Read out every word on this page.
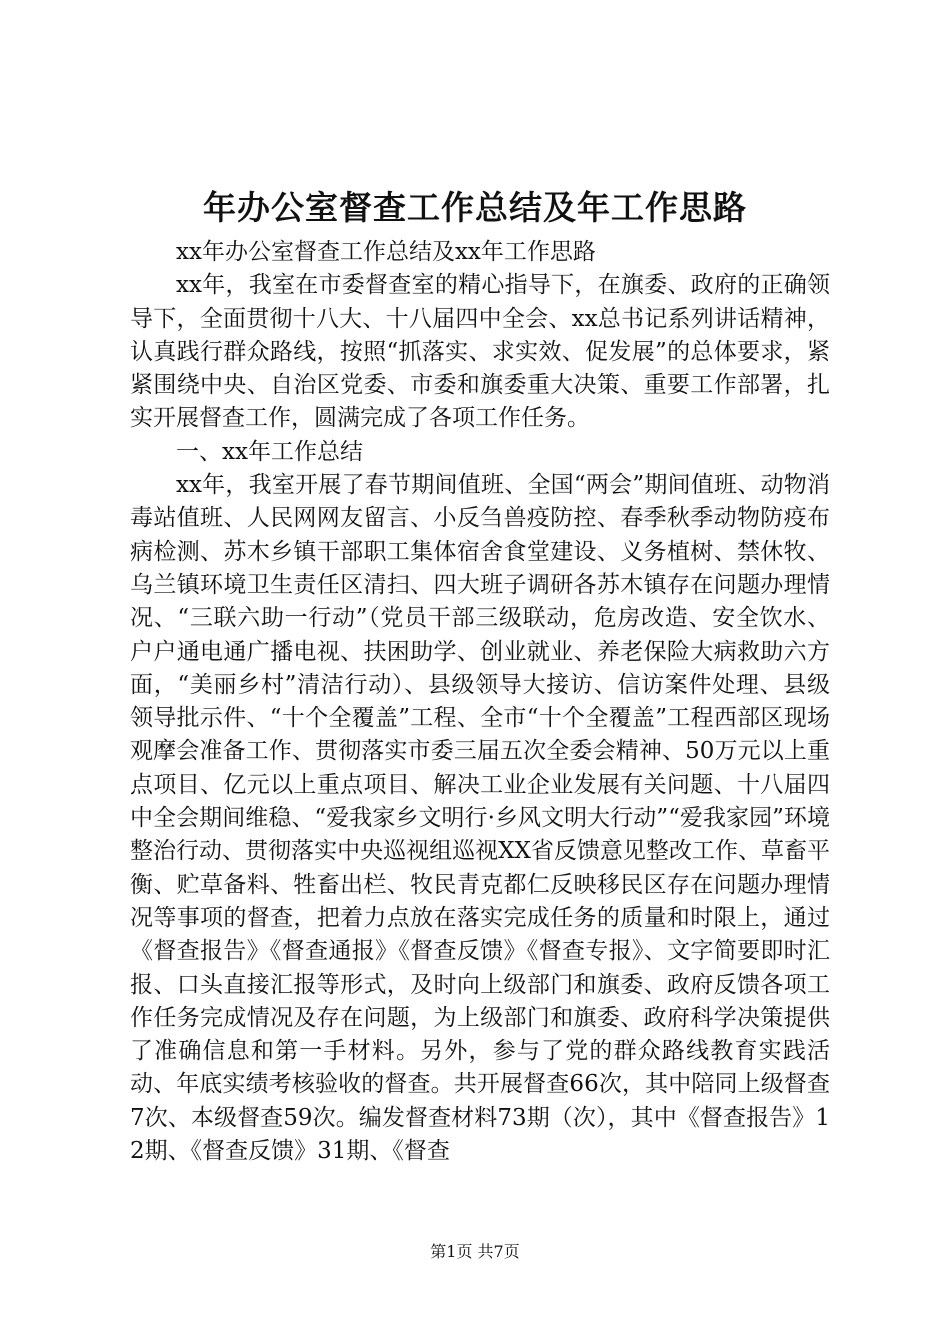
年办公室督查工作总结及年工作思路

xx年办公室督查工作总结及xx年工作思路

xx年，我室在市委督查室的精心指导下，在旗委、政府的正确领导下，全面贯彻十八大、十八届四中全会、xx总书记系列讲话精神，认真践行群众路线，按照“抓落实、求实效、促发展”的总体要求，紧紧围绕中央、自治区党委、市委和旗委重大决策、重要工作部署，扎实开展督查工作，圆满完成了各项工作任务。

一、xx年工作总结

xx年，我室开展了春节期间值班、全国“两会”期间值班、动物消毒站值班、人民网网友留言、小反刍兽疫防控、春季秋季动物防疫布病检测、苏木乡镇干部职工集体宿舍食堂建设、义务植树、禁休牧、乌兰镇环境卫生责任区清扫、四大班子调研各苏木镇存在问题办理情况、“三联六助一行动”（党员干部三级联动，危房改造、安全饮水、户户通电通广播电视、扶困助学、创业就业、养老保险大病救助六方面，“美丽乡村”清洁行动）、县级领导大接访、信访案件处理、县级领导批示件、“十个全覆盖”工程、全市“十个全覆盖”工程西部区现场观摩会准备工作、贯彻落实市委三届五次全委会精神、50万元以上重点项目、亿元以上重点项目、解决工业企业发展有关问题、十八届四中全会期间维稳、“爱我家乡文明行·乡风文明大行动”“爱我家园”环境整治行动、贯彻落实中央巡视组巡视XX省反馈意见整改工作、草畜平衡、贮草备料、牲畜出栏、牧民青克都仁反映移民区存在问题办理情况等事项的督查，把着力点放在落实完成任务的质量和时限上，通过《督查报告》《督查通报》《督查反馈》《督查专报》、文字简要即时汇报、口头直接汇报等形式，及时向上级部门和旗委、政府反馈各项工作任务完成情况及存在问题，为上级部门和旗委、政府科学决策提供了准确信息和第一手材料。另外，参与了党的群众路线教育实践活动、年底实绩考核验收的督查。共开展督查66次，其中陪同上级督查7次、本级督查59次。编发督查材料73期（次），其中《督查报告》12期、《督查反馈》31期、《督查

第1页 共7页
